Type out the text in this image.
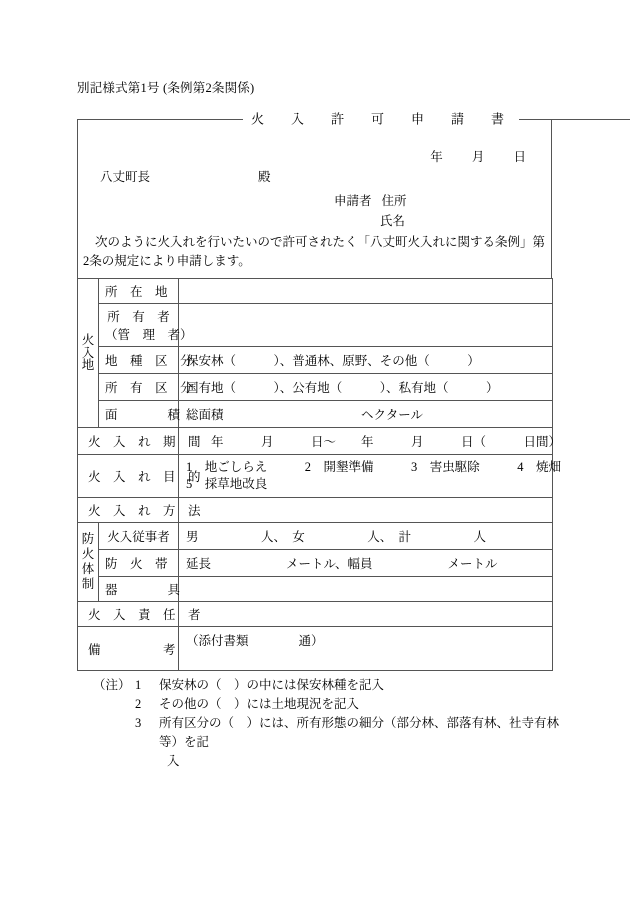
別記様式第1号 (条例第2条関係)
火　入　許　可　申　請　書
年 月 日
八丈町長	殿
申請者 住所
氏名
次のように火入れを行いたいので許可されたく「八丈町火入れに関する条例」第2条の規定により申請します。
火
入
地	所　在　地	

	所　有　者
（管　理　者）	

	地　種　区　分	保安林（　　　）、普通林、原野、その他（　　　）

	所　有　区　分	国有地（　　　）、公有地（　　　）、私有地（　　　）

	面　　　　積	総面積　　　　　　　　　　　ヘクタール

火　入　れ　期　間		　　年　　　月　　　日〜　　年　　　月　　　日（　　　日間）

火　入　れ　目　的		1　地ごしらえ　　　2　開墾準備　　　3　害虫駆除　　　4　焼畑
5　採草地改良

火　入　れ　方　法		

防
火
体
制	火入従事者	男　　　　　人、　女　　　　　人、　計　　　　　人

	防　火　帯	延長　　　　　　メートル、幅員　　　　　　メートル

	器　　　　具	

火　入　責　任　者		

備　　　　　考		（添付書類　　　　通）
（注） 1	保安林の（　）の中には保安林種を記入
2	その他の（　）には土地現況を記入
3	所有区分の（　）には、所有形態の細分（部分林、部落有林、社寺有林等）を記
入
